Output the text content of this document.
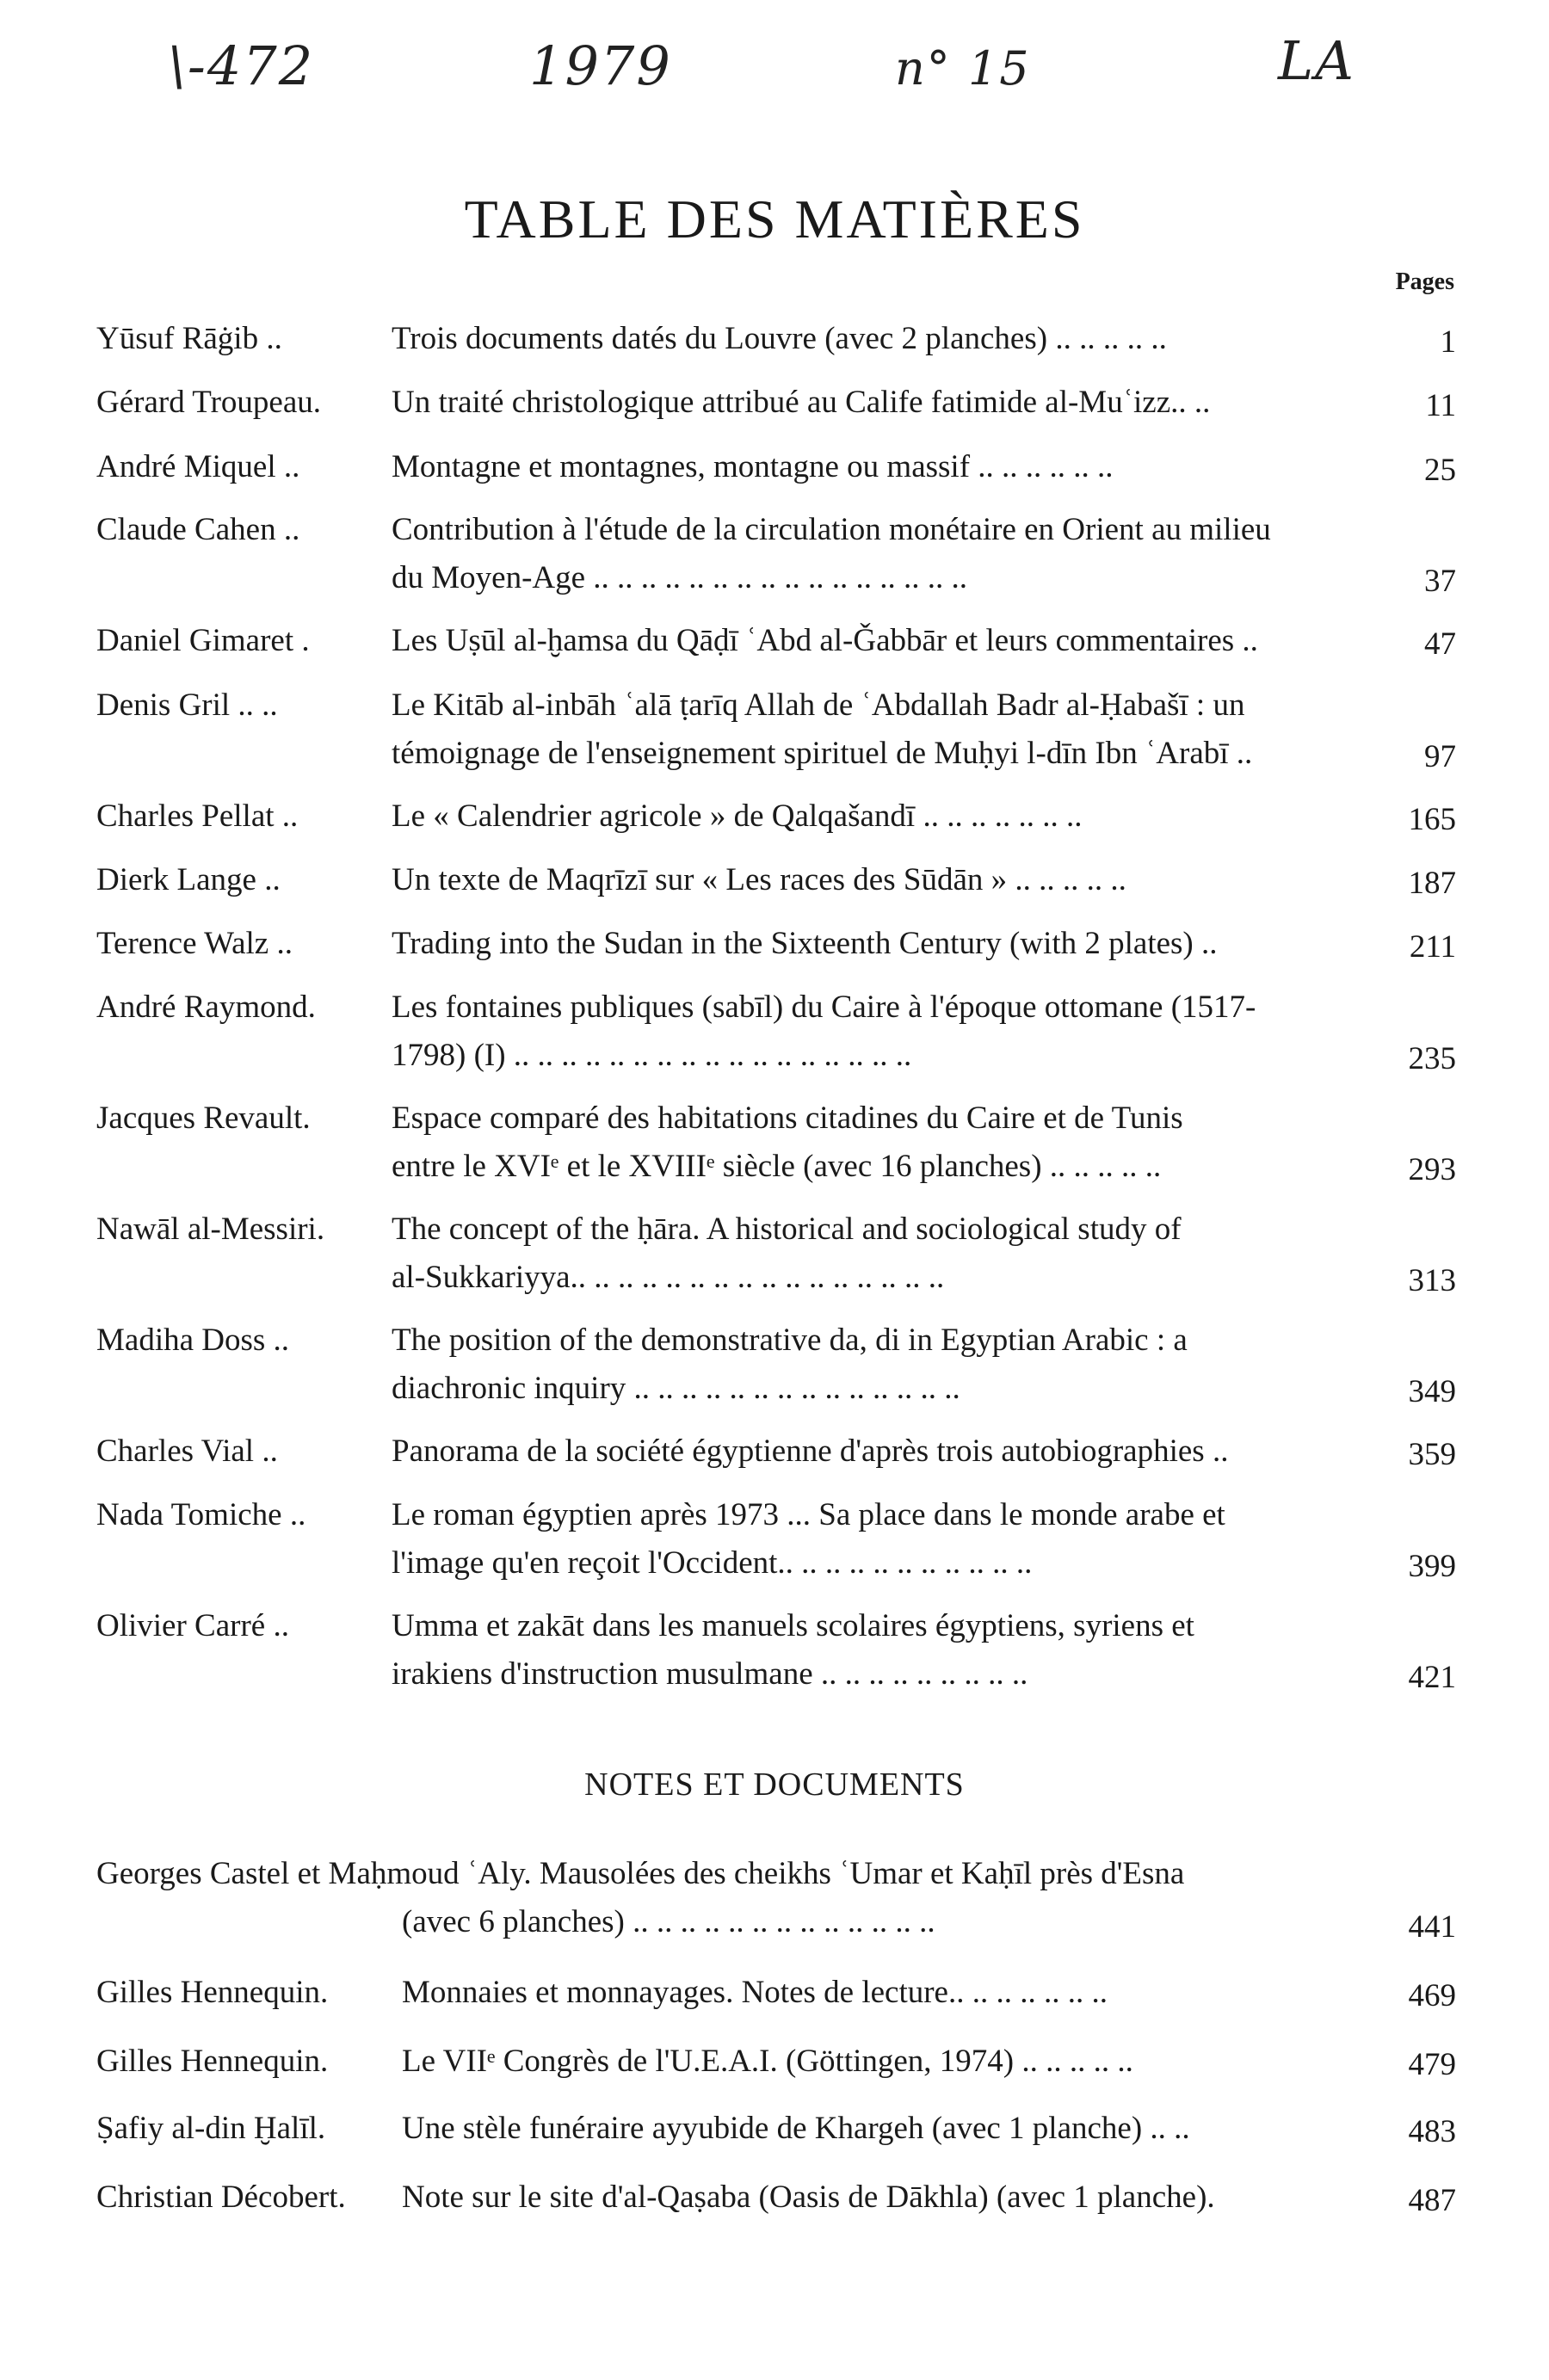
\-472	1979	n° 15	LA
TABLE DES MATIÈRES
Pages
Yūsuf Rāġib ..	Trois documents datés du Louvre (avec 2 planches) .. .. .. .. ..	1
Gérard Troupeau.	Un traité christologique attribué au Calife fatimide al-Muʿizz.. ..	11
André Miquel ..	Montagne et montagnes, montagne ou massif .. .. .. .. .. ..	25
Claude Cahen ..	Contribution à l'étude de la circulation monétaire en Orient au milieu
du Moyen-Age .. .. .. .. .. .. .. .. .. .. .. .. .. .. .. ..	37
Daniel Gimaret .	Les Uṣūl al-ḫamsa du Qāḍī ʿAbd al-Ǧabbār et leurs commentaires ..	47
Denis Gril .. ..	Le Kitāb al-inbāh ʿalā ṭarīq Allah de ʿAbdallah Badr al-Ḥabašī : un
témoignage de l'enseignement spirituel de Muḥyi l-dīn Ibn ʿArabī ..	97
Charles Pellat ..	Le « Calendrier agricole » de Qalqašandī .. .. .. .. .. .. ..	165
Dierk Lange ..	Un texte de Maqrīzī sur « Les races des Sūdān » .. .. .. .. ..	187
Terence Walz ..	Trading into the Sudan in the Sixteenth Century (with 2 plates) ..	211
André Raymond.	Les fontaines publiques (sabīl) du Caire à l'époque ottomane (1517-
1798) (I) .. .. .. .. .. .. .. .. .. .. .. .. .. .. .. .. ..	235
Jacques Revault.	Espace comparé des habitations citadines du Caire et de Tunis
entre le XVIᵉ et le XVIIIᵉ siècle (avec 16 planches) .. .. .. .. ..	293
Nawāl al-Messiri.	The concept of the ḥāra. A historical and sociological study of
al-Sukkariyya.. .. .. .. .. .. .. .. .. .. .. .. .. .. .. ..	313
Madiha Doss ..	The position of the demonstrative da, di in Egyptian Arabic : a
diachronic inquiry .. .. .. .. .. .. .. .. .. .. .. .. .. ..	349
Charles Vial ..	Panorama de la société égyptienne d'après trois autobiographies ..	359
Nada Tomiche ..	Le roman égyptien après 1973 ... Sa place dans le monde arabe et
l'image qu'en reçoit l'Occident.. .. .. .. .. .. .. .. .. .. ..	399
Olivier Carré ..	Umma et zakāt dans les manuels scolaires égyptiens, syriens et
irakiens d'instruction musulmane .. .. .. .. .. .. .. .. ..	421
NOTES ET DOCUMENTS
Georges Castel et Maḥmoud ʿAly. Mausolées des cheikhs ʿUmar et Kaḥīl près d'Esna
(avec 6 planches) .. .. .. .. .. .. .. .. .. .. .. .. ..	441
Gilles Hennequin. Monnaies et monnayages. Notes de lecture.. .. .. .. .. .. ..	469
Gilles Hennequin. Le VIIᵉ Congrès de l'U.E.A.I. (Göttingen, 1974) .. .. .. .. ..	479
Ṣafiy al-din Ḫalīl. Une stèle funéraire ayyubide de Khargeh (avec 1 planche) .. ..	483
Christian Décobert. Note sur le site d'al-Qaṣaba (Oasis de Dākhla) (avec 1 planche).	487
